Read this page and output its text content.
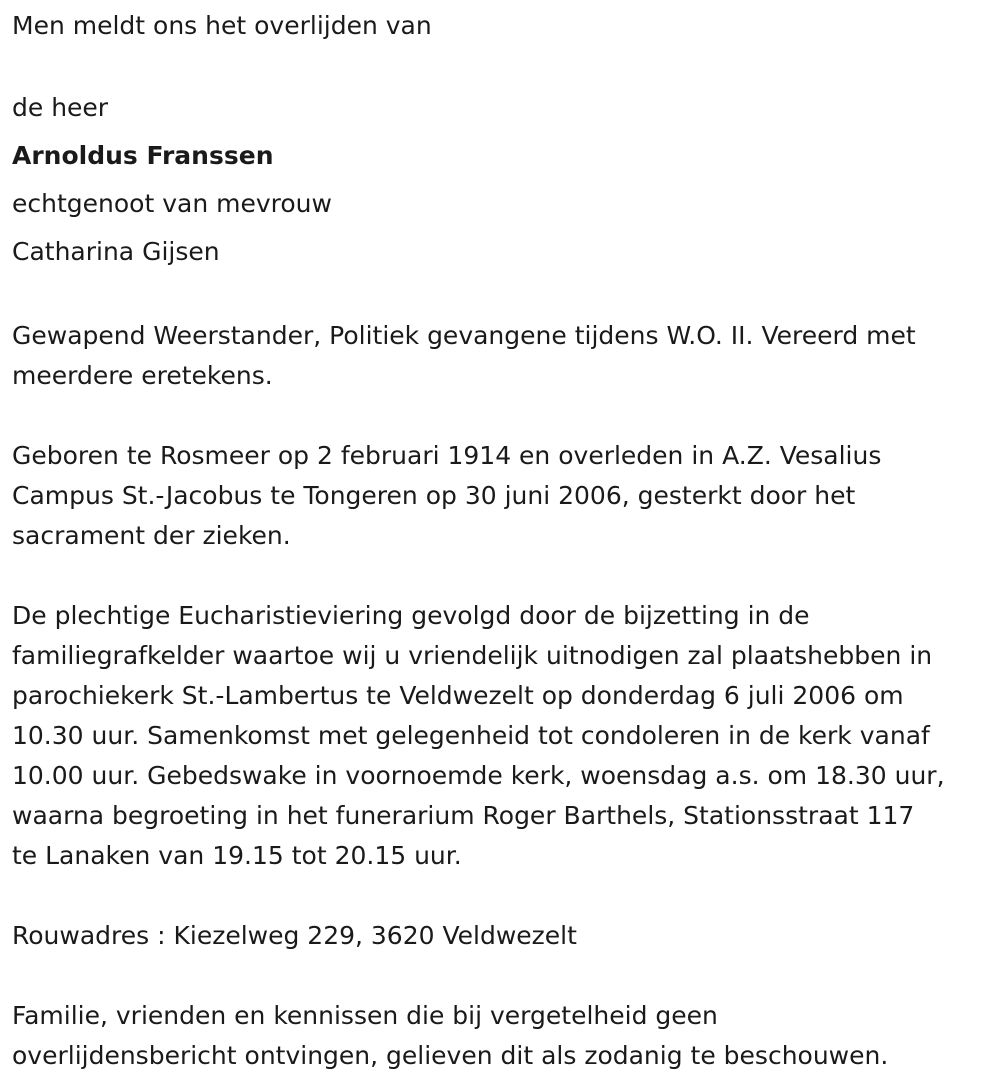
Men meldt ons het overlijden van

de heer

Arnoldus Franssen

echtgenoot van mevrouw

Catharina Gijsen

Gewapend Weerstander, Politiek gevangene tijdens W.O. II. Vereerd met

meerdere eretekens.

Geboren te Rosmeer op 2 februari 1914 en overleden in A.Z. Vesalius

Campus St.-Jacobus te Tongeren op 30 juni 2006, gesterkt door het

sacrament der zieken.

De plechtige Eucharistieviering gevolgd door de bijzetting in de

familiegrafkelder waartoe wij u vriendelijk uitnodigen zal plaatshebben in

parochiekerk St.-Lambertus te Veldwezelt op donderdag 6 juli 2006 om

10.30 uur. Samenkomst met gelegenheid tot condoleren in de kerk vanaf

10.00 uur. Gebedswake in voornoemde kerk, woensdag a.s. om 18.30 uur,

waarna begroeting in het funerarium Roger Barthels, Stationsstraat 117

te Lanaken van 19.15 tot 20.15 uur.

Rouwadres : Kiezelweg 229, 3620 Veldwezelt

Familie, vrienden en kennissen die bij vergetelheid geen

overlijdensbericht ontvingen, gelieven dit als zodanig te beschouwen.
